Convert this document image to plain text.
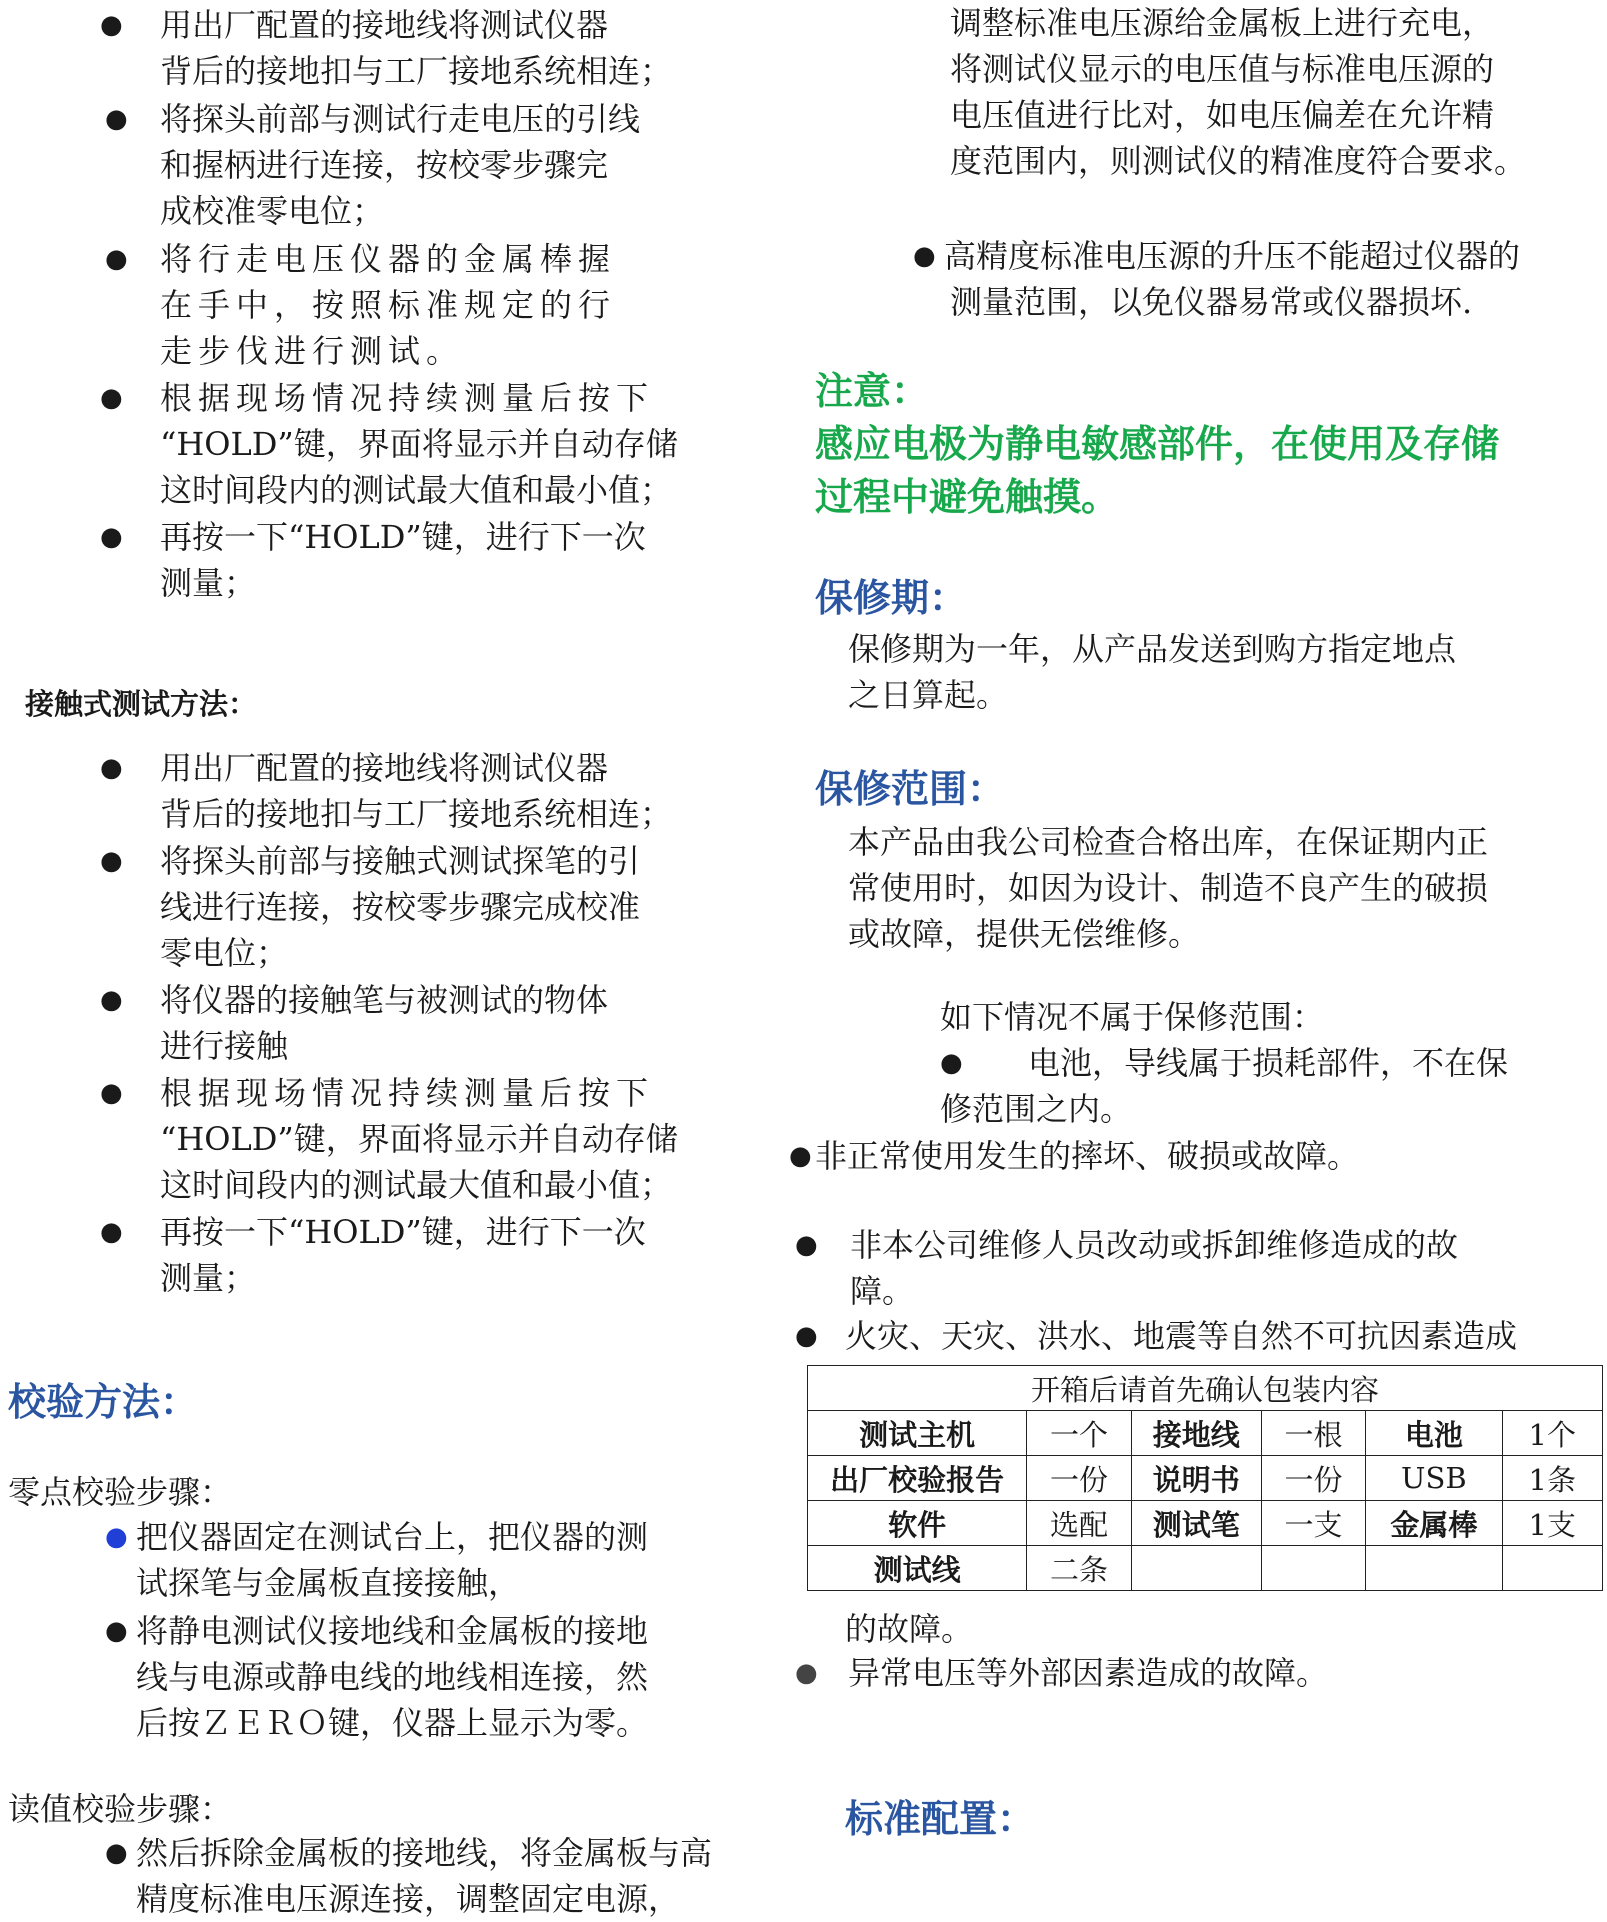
● 用出厂配置的接地线将测试仪器
背后的接地扣与工厂接地系统相连；
● 将探头前部与测试行走电压的引线
和握柄进行连接，按校零步骤完
成校准零电位；
● 将行走电压仪器的金属棒握
在手中，按照标准规定的行
走步伐进行测试。
● 根据现场情况持续测量后按下
“HOLD”键，界面将显示并自动存储
这时间段内的测试最大值和最小值；
● 再按一下“HOLD”键，进行下一次
测量；
接触式测试方法：
● 用出厂配置的接地线将测试仪器
背后的接地扣与工厂接地系统相连；
● 将探头前部与接触式测试探笔的引
线进行连接，按校零步骤完成校准
零电位；
● 将仪器的接触笔与被测试的物体
进行接触
● 根据现场情况持续测量后按下
“HOLD”键，界面将显示并自动存储
这时间段内的测试最大值和最小值；
● 再按一下“HOLD”键，进行下一次
测量；
校验方法：
零点校验步骤：
● 把仪器固定在测试台上，把仪器的测
试探笔与金属板直接接触，
● 将静电测试仪接地线和金属板的接地
线与电源或静电线的地线相连接，然
后按ＺＥＲＯ键，仪器上显示为零。
读值校验步骤：
● 然后拆除金属板的接地线，将金属板与高
精度标准电压源连接，调整固定电源，
调整标准电压源给金属板上进行充电，
将测试仪显示的电压值与标准电压源的
电压值进行比对，如电压偏差在允许精
度范围内，则测试仪的精准度符合要求。
● 高精度标准电压源的升压不能超过仪器的
测量范围，以免仪器易常或仪器损坏.
注意：
感应电极为静电敏感部件，在使用及存储
过程中避免触摸。
保修期：
保修期为一年，从产品发送到购方指定地点
之日算起。
保修范围：
本产品由我公司检查合格出库，在保证期内正
常使用时，如因为设计、制造不良产生的破损
或故障，提供无偿维修。
如下情况不属于保修范围：
● 电池，导线属于损耗部件，不在保
修范围之内。
● 非正常使用发生的摔坏、破损或故障。
● 非本公司维修人员改动或拆卸维修造成的故
障。
● 火灾、天灾、洪水、地震等自然不可抗因素造成
开箱后请首先确认包装内容					
测试主机	一个	接地线	一根	电池	1个
出厂校验报告	一份	说明书	一份	USB	1条
软件	选配	测试笔	一支	金属棒	1支
测试线	二条				
的故障。
● 异常电压等外部因素造成的故障。
标准配置：
